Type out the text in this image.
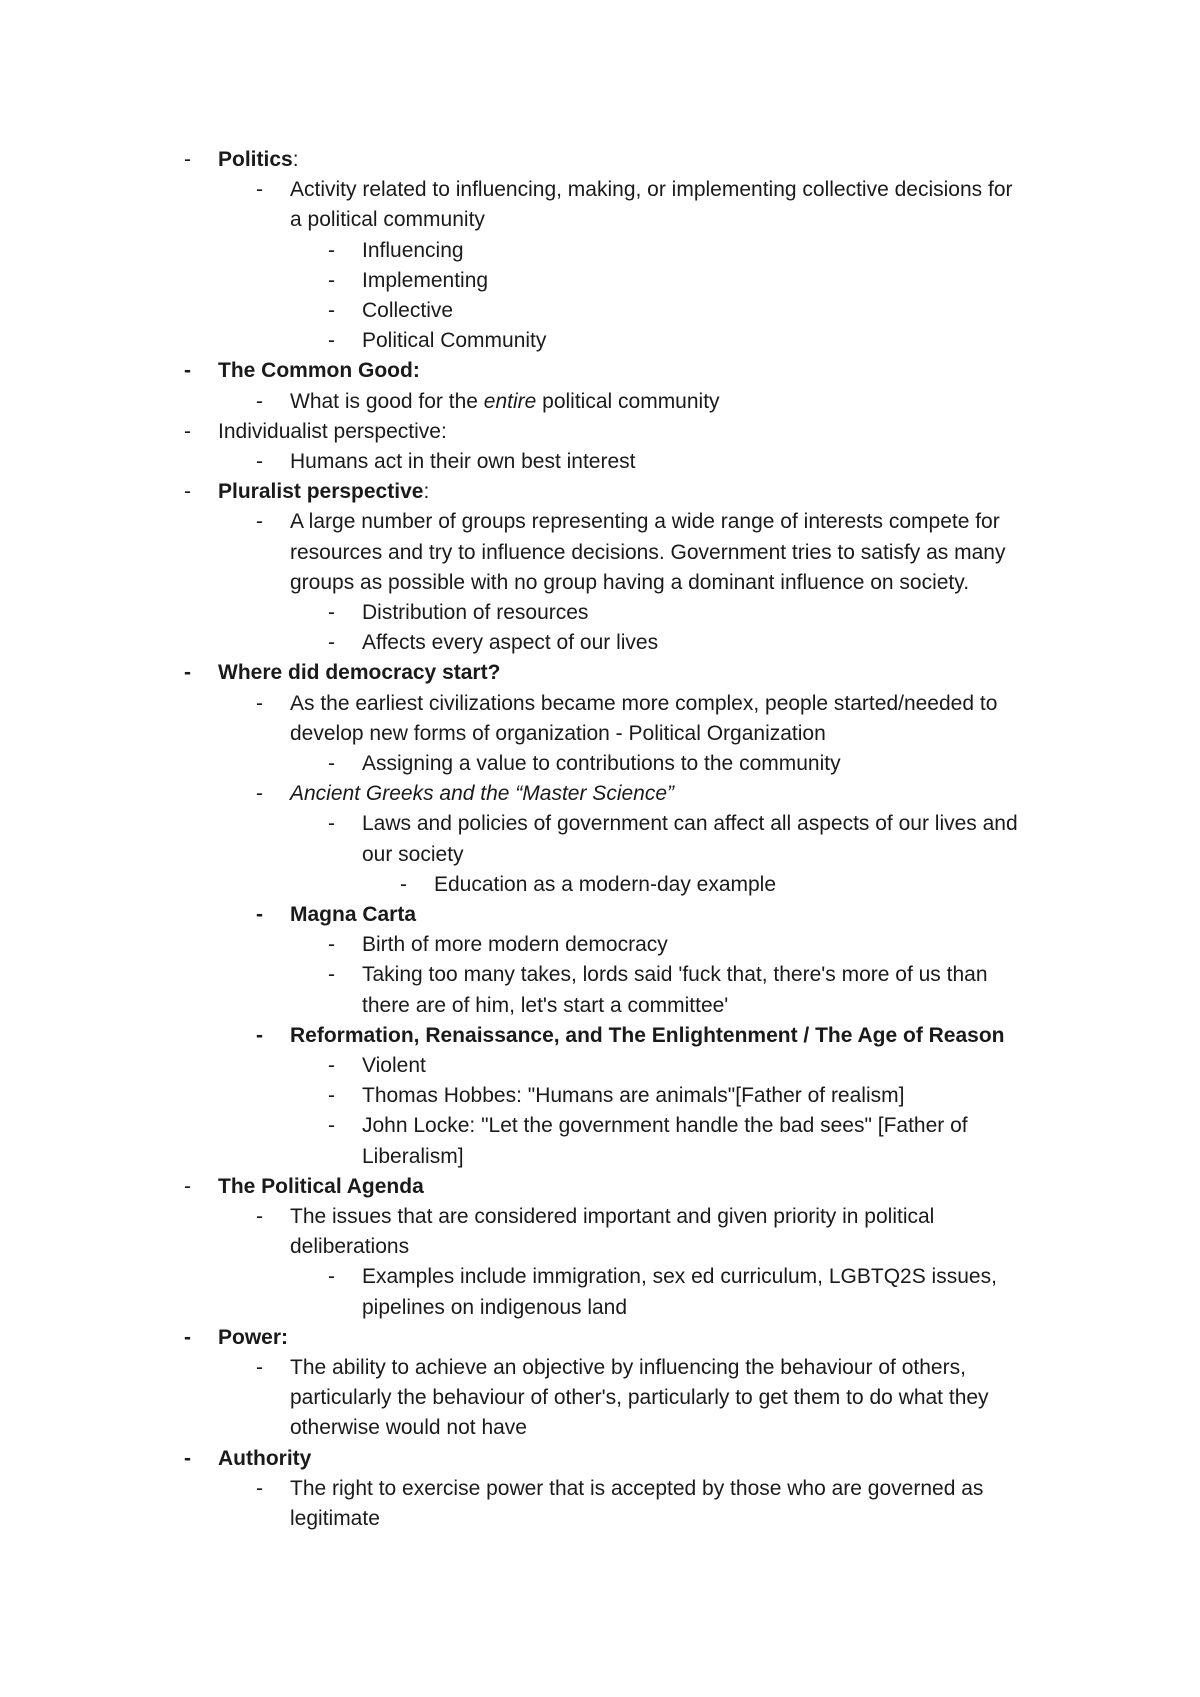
- Politics:
- Activity related to influencing, making, or implementing collective decisions for
a political community
- Influencing
- Implementing
- Collective
- Political Community
- The Common Good:
- What is good for the entire political community
- Individualist perspective:
- Humans act in their own best interest
- Pluralist perspective:
- A large number of groups representing a wide range of interests compete for
resources and try to influence decisions. Government tries to satisfy as many
groups as possible with no group having a dominant influence on society.
- Distribution of resources
- Affects every aspect of our lives
- Where did democracy start?
- As the earliest civilizations became more complex, people started/needed to
develop new forms of organization - Political Organization
- Assigning a value to contributions to the community
- Ancient Greeks and the “Master Science”
- Laws and policies of government can affect all aspects of our lives and
our society
- Education as a modern-day example
- Magna Carta
- Birth of more modern democracy
- Taking too many takes, lords said 'fuck that, there's more of us than
there are of him, let's start a committee'
- Reformation, Renaissance, and The Enlightenment / The Age of Reason
- Violent
- Thomas Hobbes: "Humans are animals"[Father of realism]
- John Locke: "Let the government handle the bad sees" [Father of
Liberalism]
- The Political Agenda
- The issues that are considered important and given priority in political
deliberations
- Examples include immigration, sex ed curriculum, LGBTQ2S issues,
pipelines on indigenous land
- Power:
- The ability to achieve an objective by influencing the behaviour of others,
particularly the behaviour of other's, particularly to get them to do what they
otherwise would not have
- Authority
- The right to exercise power that is accepted by those who are governed as
legitimate
